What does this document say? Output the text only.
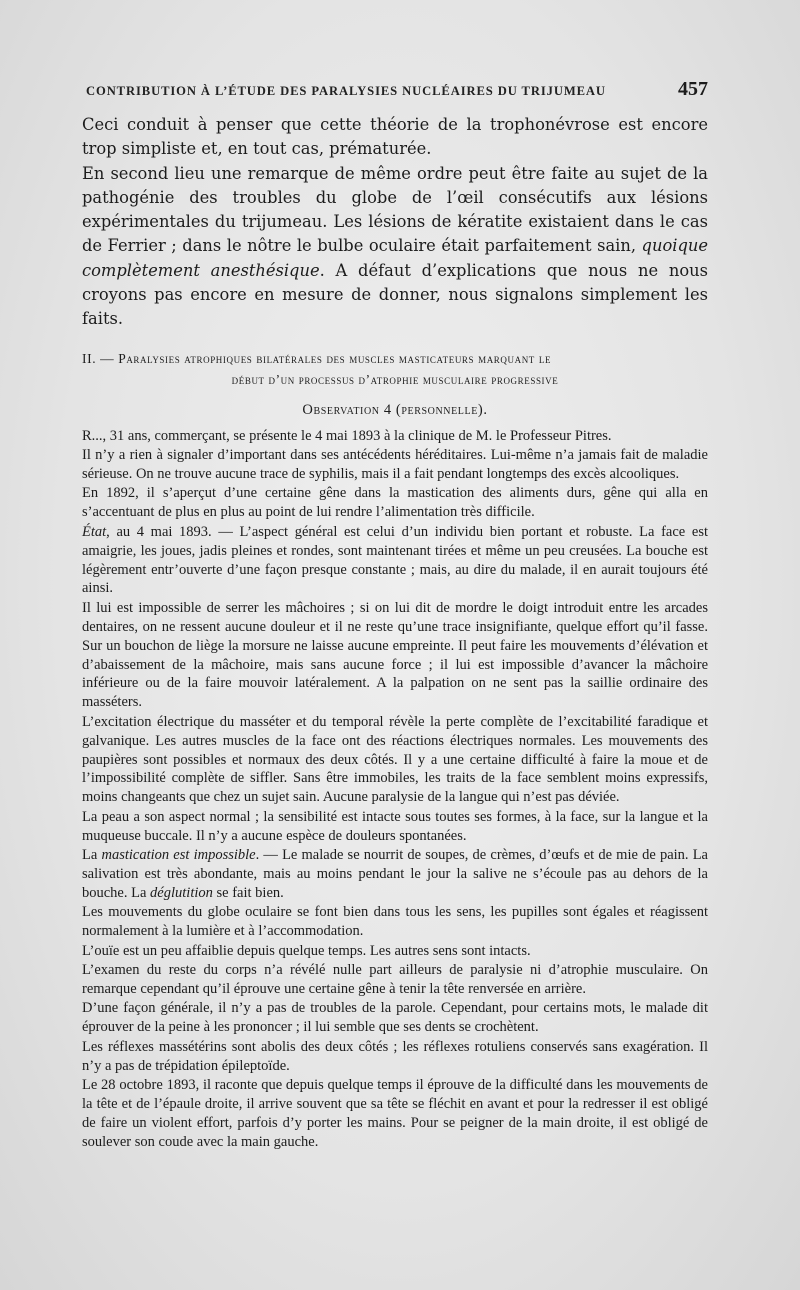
CONTRIBUTION À L’ÉTUDE DES PARALYSIES NUCLÉAIRES DU TRIJUMEAU	457

Ceci conduit à penser que cette théorie de la trophonévrose est encore trop simpliste et, en tout cas, prématurée.

En second lieu une remarque de même ordre peut être faite au sujet de la pathogénie des troubles du globe de l’œil consécutifs aux lésions expérimentales du trijumeau. Les lésions de kératite existaient dans le cas de Ferrier ; dans le nôtre le bulbe oculaire était parfaitement sain, quoique complètement anesthésique. A défaut d’explications que nous ne nous croyons pas encore en mesure de donner, nous signalons simplement les faits.

II. — Paralysies atrophiques bilatérales des muscles masticateurs marquant le
début d’un processus d’atrophie musculaire progressive
Observation 4 (personnelle).

R..., 31 ans, commerçant, se présente le 4 mai 1893 à la clinique de M. le Professeur Pitres.

Il n’y a rien à signaler d’important dans ses antécédents héréditaires. Lui-même n’a jamais fait de maladie sérieuse. On ne trouve aucune trace de syphilis, mais il a fait pendant longtemps des excès alcooliques.

En 1892, il s’aperçut d’une certaine gêne dans la mastication des aliments durs, gêne qui alla en s’accentuant de plus en plus au point de lui rendre l’alimentation très difficile.

État, au 4 mai 1893. — L’aspect général est celui d’un individu bien portant et robuste. La face est amaigrie, les joues, jadis pleines et rondes, sont maintenant tirées et même un peu creusées. La bouche est légèrement entr’ouverte d’une façon presque constante ; mais, au dire du malade, il en aurait toujours été ainsi.

Il lui est impossible de serrer les mâchoires ; si on lui dit de mordre le doigt introduit entre les arcades dentaires, on ne ressent aucune douleur et il ne reste qu’une trace insignifiante, quelque effort qu’il fasse. Sur un bouchon de liège la morsure ne laisse aucune empreinte. Il peut faire les mouvements d’élévation et d’abaissement de la mâchoire, mais sans aucune force ; il lui est impossible d’avancer la mâchoire inférieure ou de la faire mouvoir latéralement. A la palpation on ne sent pas la saillie ordinaire des masséters.

L’excitation électrique du masséter et du temporal révèle la perte complète de l’excitabilité faradique et galvanique. Les autres muscles de la face ont des réactions électriques normales. Les mouvements des paupières sont possibles et normaux des deux côtés. Il y a une certaine difficulté à faire la moue et de l’impossibilité complète de siffler. Sans être immobiles, les traits de la face semblent moins expressifs, moins changeants que chez un sujet sain. Aucune paralysie de la langue qui n’est pas déviée.

La peau a son aspect normal ; la sensibilité est intacte sous toutes ses formes, à la face, sur la langue et la muqueuse buccale. Il n’y a aucune espèce de douleurs spontanées.

La mastication est impossible. — Le malade se nourrit de soupes, de crèmes, d’œufs et de mie de pain. La salivation est très abondante, mais au moins pendant le jour la salive ne s’écoule pas au dehors de la bouche. La déglutition se fait bien.

Les mouvements du globe oculaire se font bien dans tous les sens, les pupilles sont égales et réagissent normalement à la lumière et à l’accommodation.

L’ouïe est un peu affaiblie depuis quelque temps. Les autres sens sont intacts.

L’examen du reste du corps n’a révélé nulle part ailleurs de paralysie ni d’atrophie musculaire. On remarque cependant qu’il éprouve une certaine gêne à tenir la tête renversée en arrière.

D’une façon générale, il n’y a pas de troubles de la parole. Cependant, pour certains mots, le malade dit éprouver de la peine à les prononcer ; il lui semble que ses dents se crochètent.

Les réflexes massétérins sont abolis des deux côtés ; les réflexes rotuliens conservés sans exagération. Il n’y a pas de trépidation épileptoïde.

Le 28 octobre 1893, il raconte que depuis quelque temps il éprouve de la difficulté dans les mouvements de la tête et de l’épaule droite, il arrive souvent que sa tête se fléchit en avant et pour la redresser il est obligé de faire un violent effort, parfois d’y porter les mains. Pour se peigner de la main droite, il est obligé de soulever son coude avec la main gauche.
